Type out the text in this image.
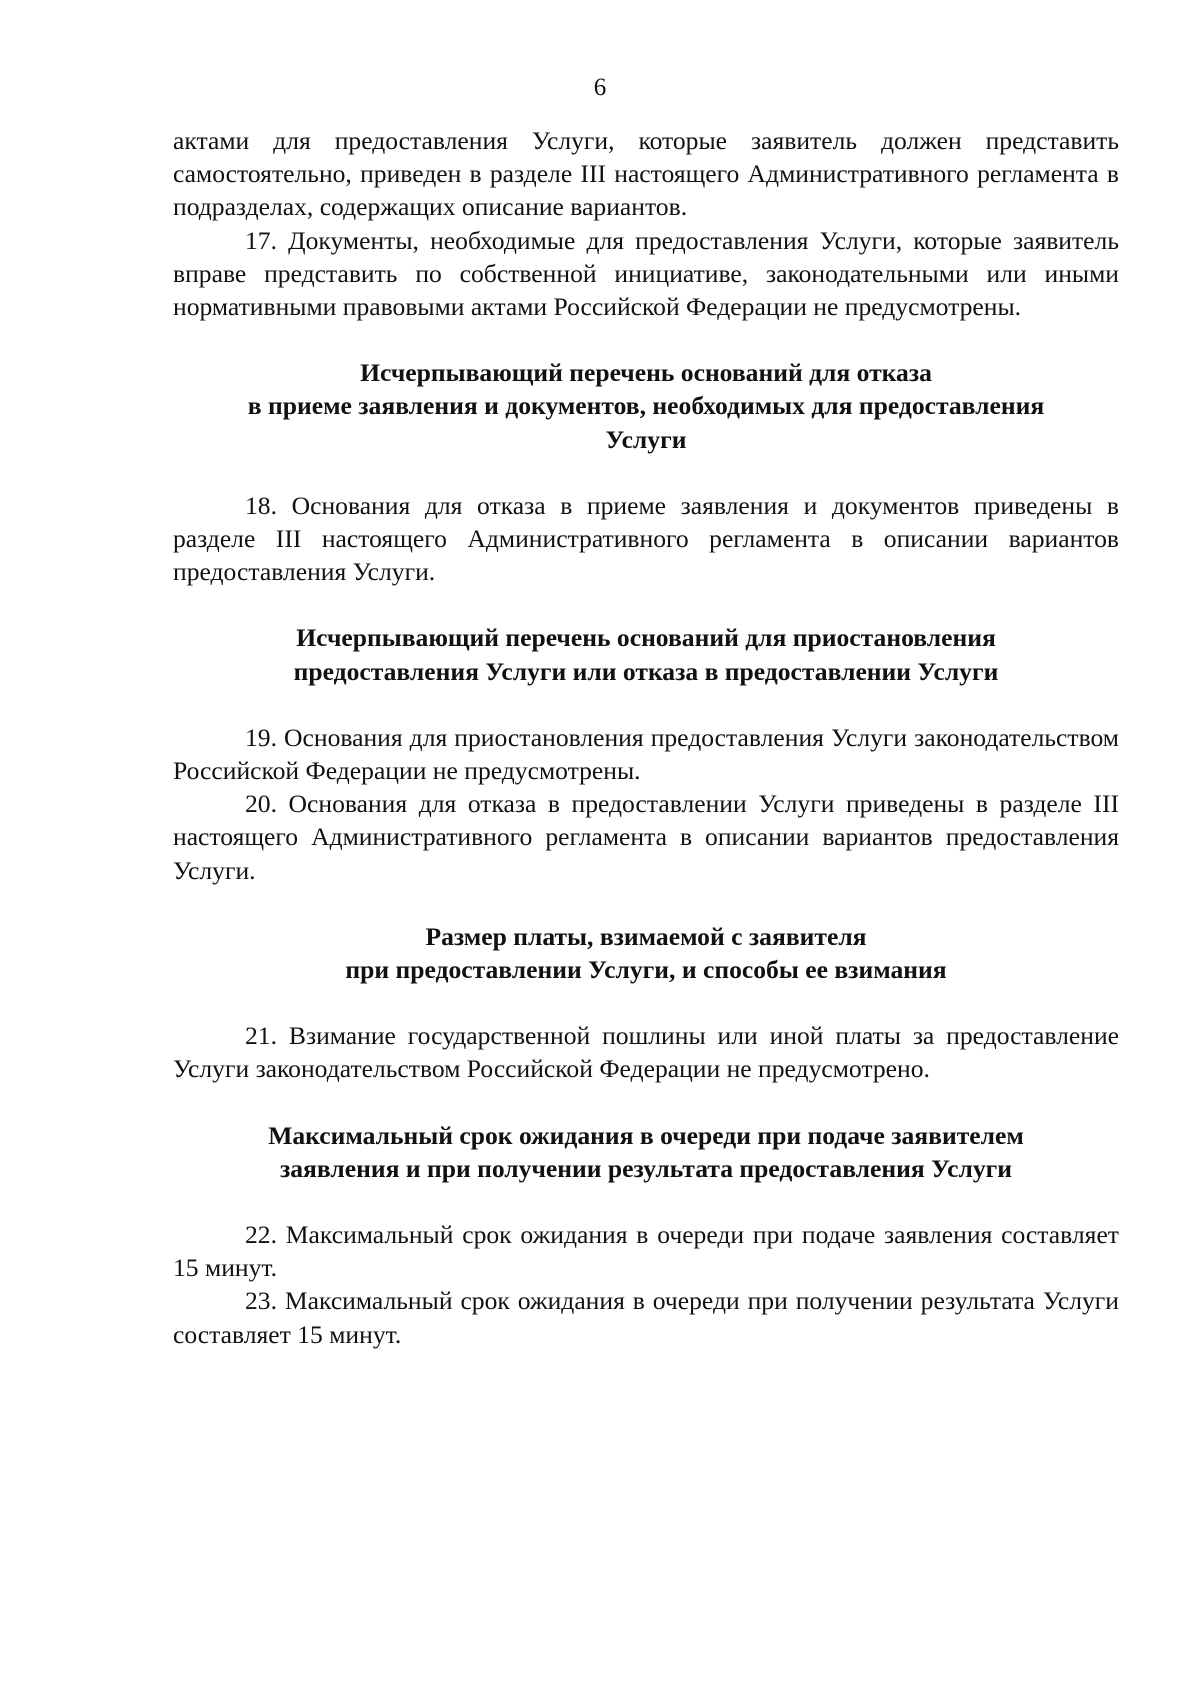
6

актами для предоставления Услуги, которые заявитель должен представить самостоятельно, приведен в разделе III настоящего Административного регламента в подразделах, содержащих описание вариантов.

17. Документы, необходимые для предоставления Услуги, которые заявитель вправе представить по собственной инициативе, законодательными или иными нормативными правовыми актами Российской Федерации не предусмотрены.

Исчерпывающий перечень оснований для отказа
в приеме заявления и документов, необходимых для предоставления
Услуги

18. Основания для отказа в приеме заявления и документов приведены в разделе III настоящего Административного регламента в описании вариантов предоставления Услуги.

Исчерпывающий перечень оснований для приостановления
предоставления Услуги или отказа в предоставлении Услуги

19. Основания для приостановления предоставления Услуги законодательством Российской Федерации не предусмотрены.

20. Основания для отказа в предоставлении Услуги приведены в разделе III настоящего Административного регламента в описании вариантов предоставления Услуги.

Размер платы, взимаемой с заявителя
при предоставлении Услуги, и способы ее взимания

21. Взимание государственной пошлины или иной платы за предоставление Услуги законодательством Российской Федерации не предусмотрено.

Максимальный срок ожидания в очереди при подаче заявителем
заявления и при получении результата предоставления Услуги

22. Максимальный срок ожидания в очереди при подаче заявления составляет 15 минут.

23. Максимальный срок ожидания в очереди при получении результата Услуги составляет 15 минут.
